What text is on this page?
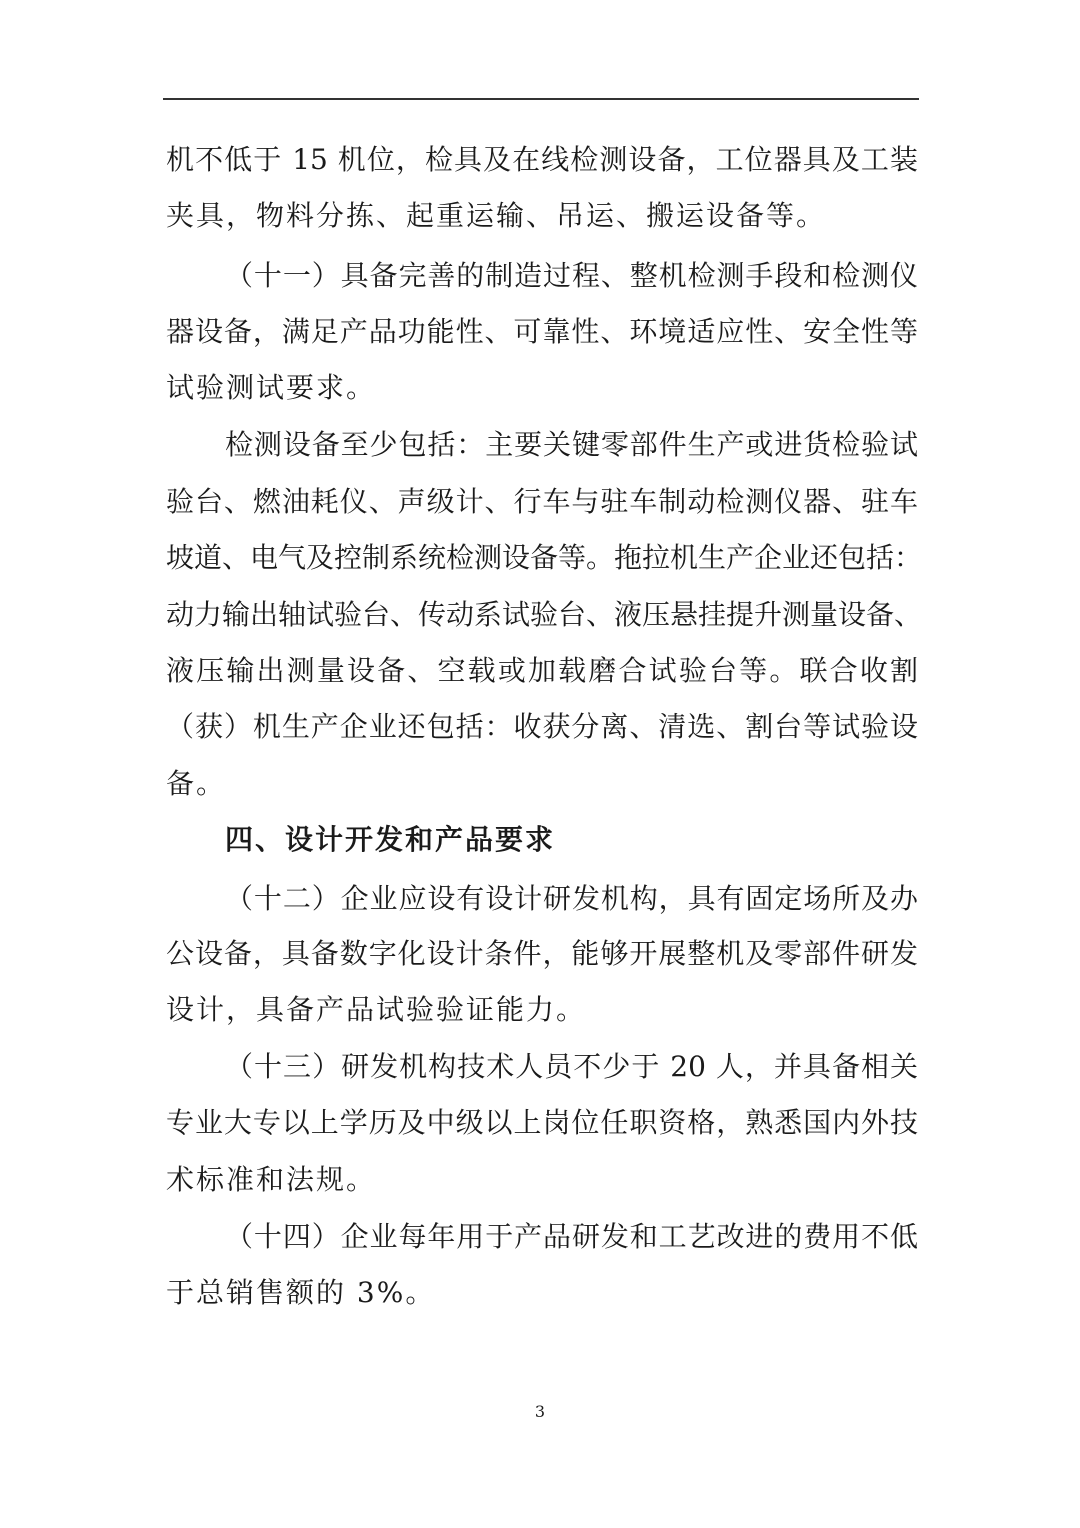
机不低于 15 机位，检具及在线检测设备，工位器具及工装
夹具，物料分拣、起重运输、吊运、搬运设备等。
（十一）具备完善的制造过程、整机检测手段和检测仪
器设备，满足产品功能性、可靠性、环境适应性、安全性等
试验测试要求。
检测设备至少包括：主要关键零部件生产或进货检验试
验台、燃油耗仪、声级计、行车与驻车制动检测仪器、驻车
坡道、电气及控制系统检测设备等。拖拉机生产企业还包括：
动力输出轴试验台、传动系试验台、液压悬挂提升测量设备、
液压输出测量设备、空载或加载磨合试验台等。联合收割
（获）机生产企业还包括：收获分离、清选、割台等试验设
备。
四、设计开发和产品要求
（十二）企业应设有设计研发机构，具有固定场所及办
公设备，具备数字化设计条件，能够开展整机及零部件研发
设计，具备产品试验验证能力。
（十三）研发机构技术人员不少于 20 人，并具备相关
专业大专以上学历及中级以上岗位任职资格，熟悉国内外技
术标准和法规。
（十四）企业每年用于产品研发和工艺改进的费用不低
于总销售额的 3%。
3
